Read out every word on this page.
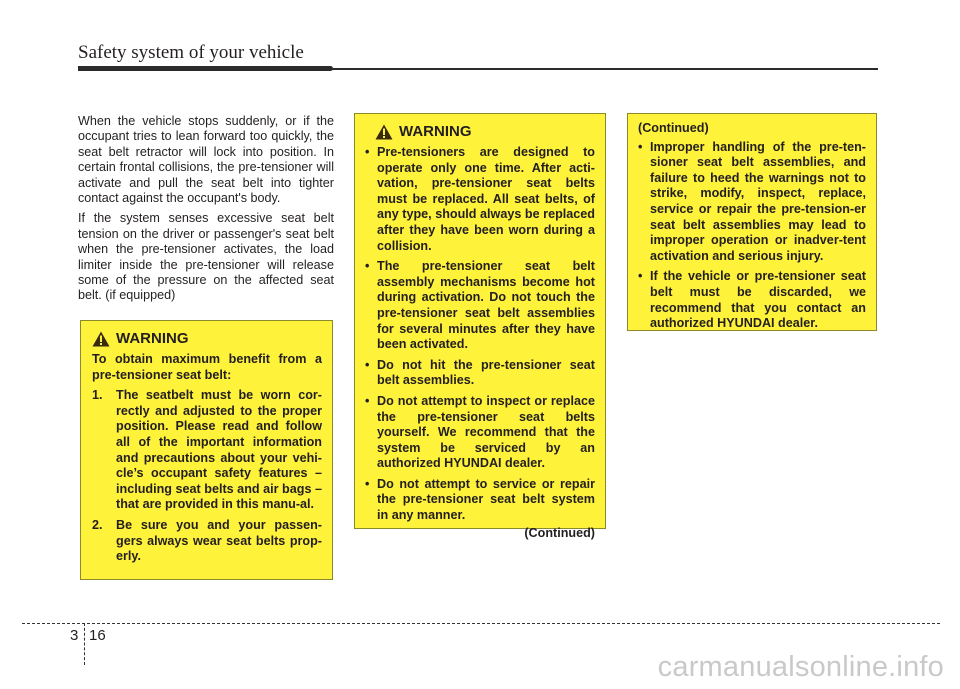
Safety system of your vehicle

When the vehicle stops suddenly, or if the occupant tries to lean forward too quickly, the seat belt retractor will lock into position. In certain frontal collisions, the pre-tensioner will activate and pull the seat belt into tighter contact against the occupant's body.

If the system senses excessive seat belt tension on the driver or passenger's seat belt when the pre-tensioner activates, the load limiter inside the pre-tensioner will release some of the pressure on the affected seat belt. (if equipped)

WARNING
To obtain maximum benefit from a pre-tensioner seat belt:
1. The seatbelt must be worn cor-rectly and adjusted to the proper position. Please read and follow all of the important information and precautions about your vehi-cle’s occupant safety features – including seat belts and air bags – that are provided in this manu-al.
2. Be sure you and your passen-gers always wear seat belts prop-erly.
WARNING
• Pre-tensioners are designed to operate only one time. After acti-vation, pre-tensioner seat belts must be replaced. All seat belts, of any type, should always be replaced after they have been worn during a collision.
• The pre-tensioner seat belt assembly mechanisms become hot during activation. Do not touch the pre-tensioner seat belt assemblies for several minutes after they have been activated.
• Do not hit the pre-tensioner seat belt assemblies.
• Do not attempt to inspect or replace the pre-tensioner seat belts yourself. We recommend that the system be serviced by an authorized HYUNDAI dealer.
• Do not attempt to service or repair the pre-tensioner seat belt system in any manner.
(Continued)
(Continued)
• Improper handling of the pre-ten-sioner seat belt assemblies, and failure to heed the warnings not to strike, modify, inspect, replace, service or repair the pre-tension-er seat belt assemblies may lead to improper operation or inadver-tent activation and serious injury.
• If the vehicle or pre-tensioner seat belt must be discarded, we recommend that you contact an authorized HYUNDAI dealer.
3 16
carmanualsonline.info
